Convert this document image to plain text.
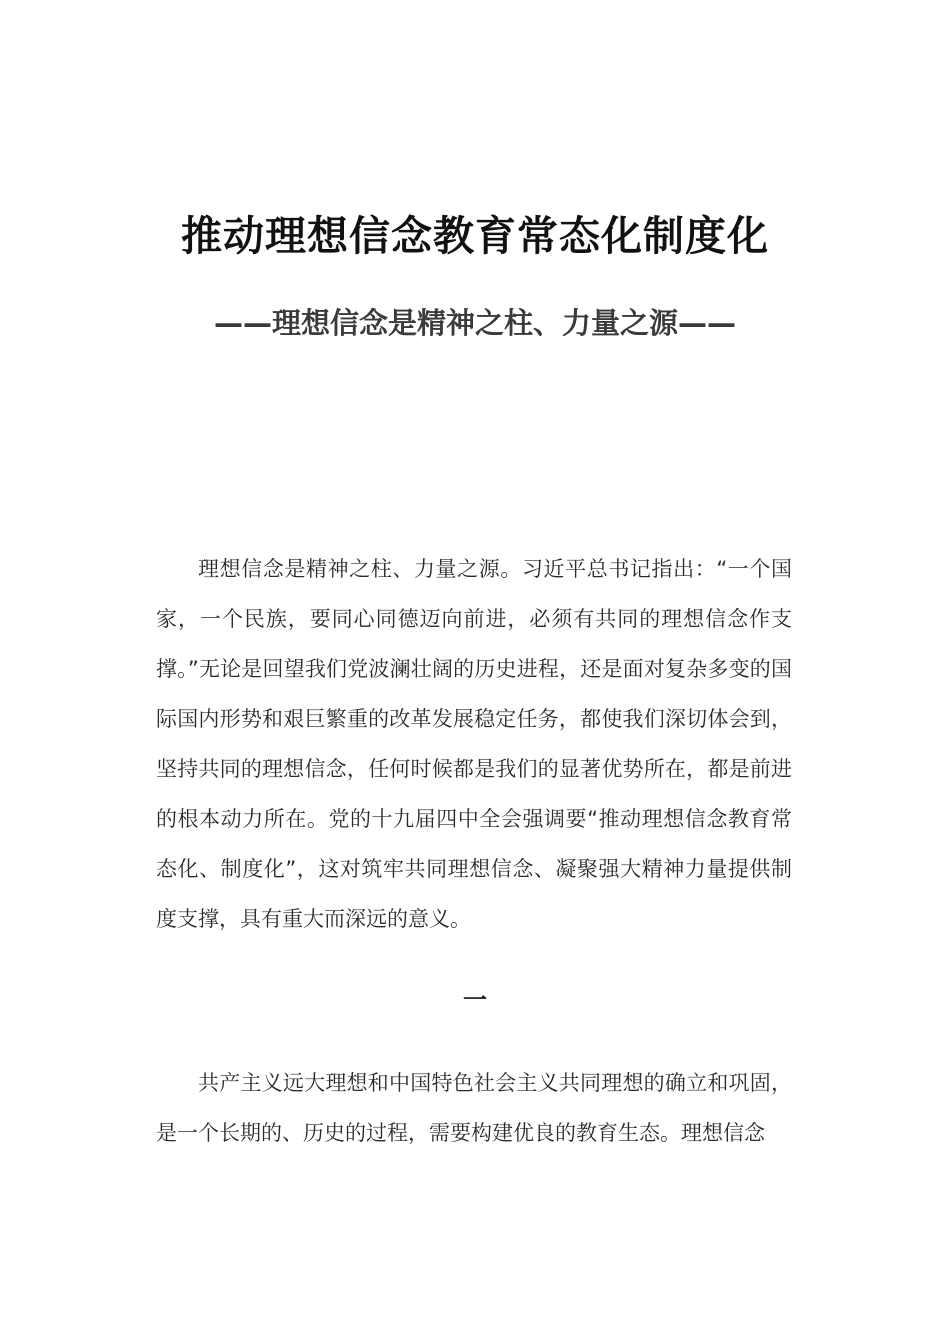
推动理想信念教育常态化制度化
——理想信念是精神之柱、力量之源——

理想信念是精神之柱、力量之源。习近平总书记指出：“一个国家，一个民族，要同心同德迈向前进，必须有共同的理想信念作支撑。”无论是回望我们党波澜壮阔的历史进程，还是面对复杂多变的国际国内形势和艰巨繁重的改革发展稳定任务，都使我们深切体会到，坚持共同的理想信念，任何时候都是我们的显著优势所在，都是前进的根本动力所在。党的十九届四中全会强调要“推动理想信念教育常态化、制度化”，这对筑牢共同理想信念、凝聚强大精神力量提供制度支撑，具有重大而深远的意义。

一

共产主义远大理想和中国特色社会主义共同理想的确立和巩固，是一个长期的、历史的过程，需要构建优良的教育生态。理想信念
